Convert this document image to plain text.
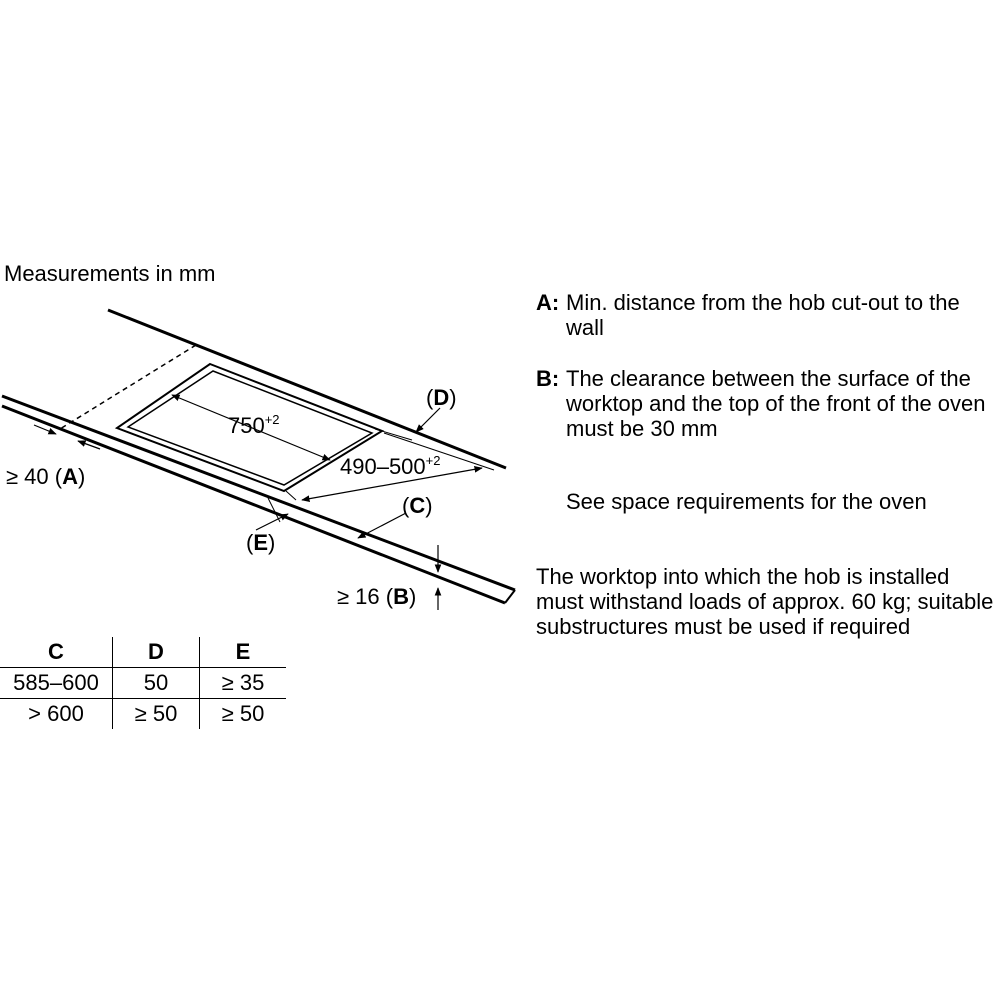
Measurements in mm
$750^{+2}$
$490-500^{+2}$
(D)
(C)
(E)
≥ 40 (A)
≥ 16 (B)
A: Min. distance from the hob cut-out to the wall
B: The clearance between the surface of the worktop and the top of the front of the oven must be 30 mm
See space requirements for the oven
The worktop into which the hob is installed must withstand loads of approx. 60 kg; suitable substructures must be used if required
C	D	E
585–600	50	≥ 35
> 600	≥ 50	≥ 50
